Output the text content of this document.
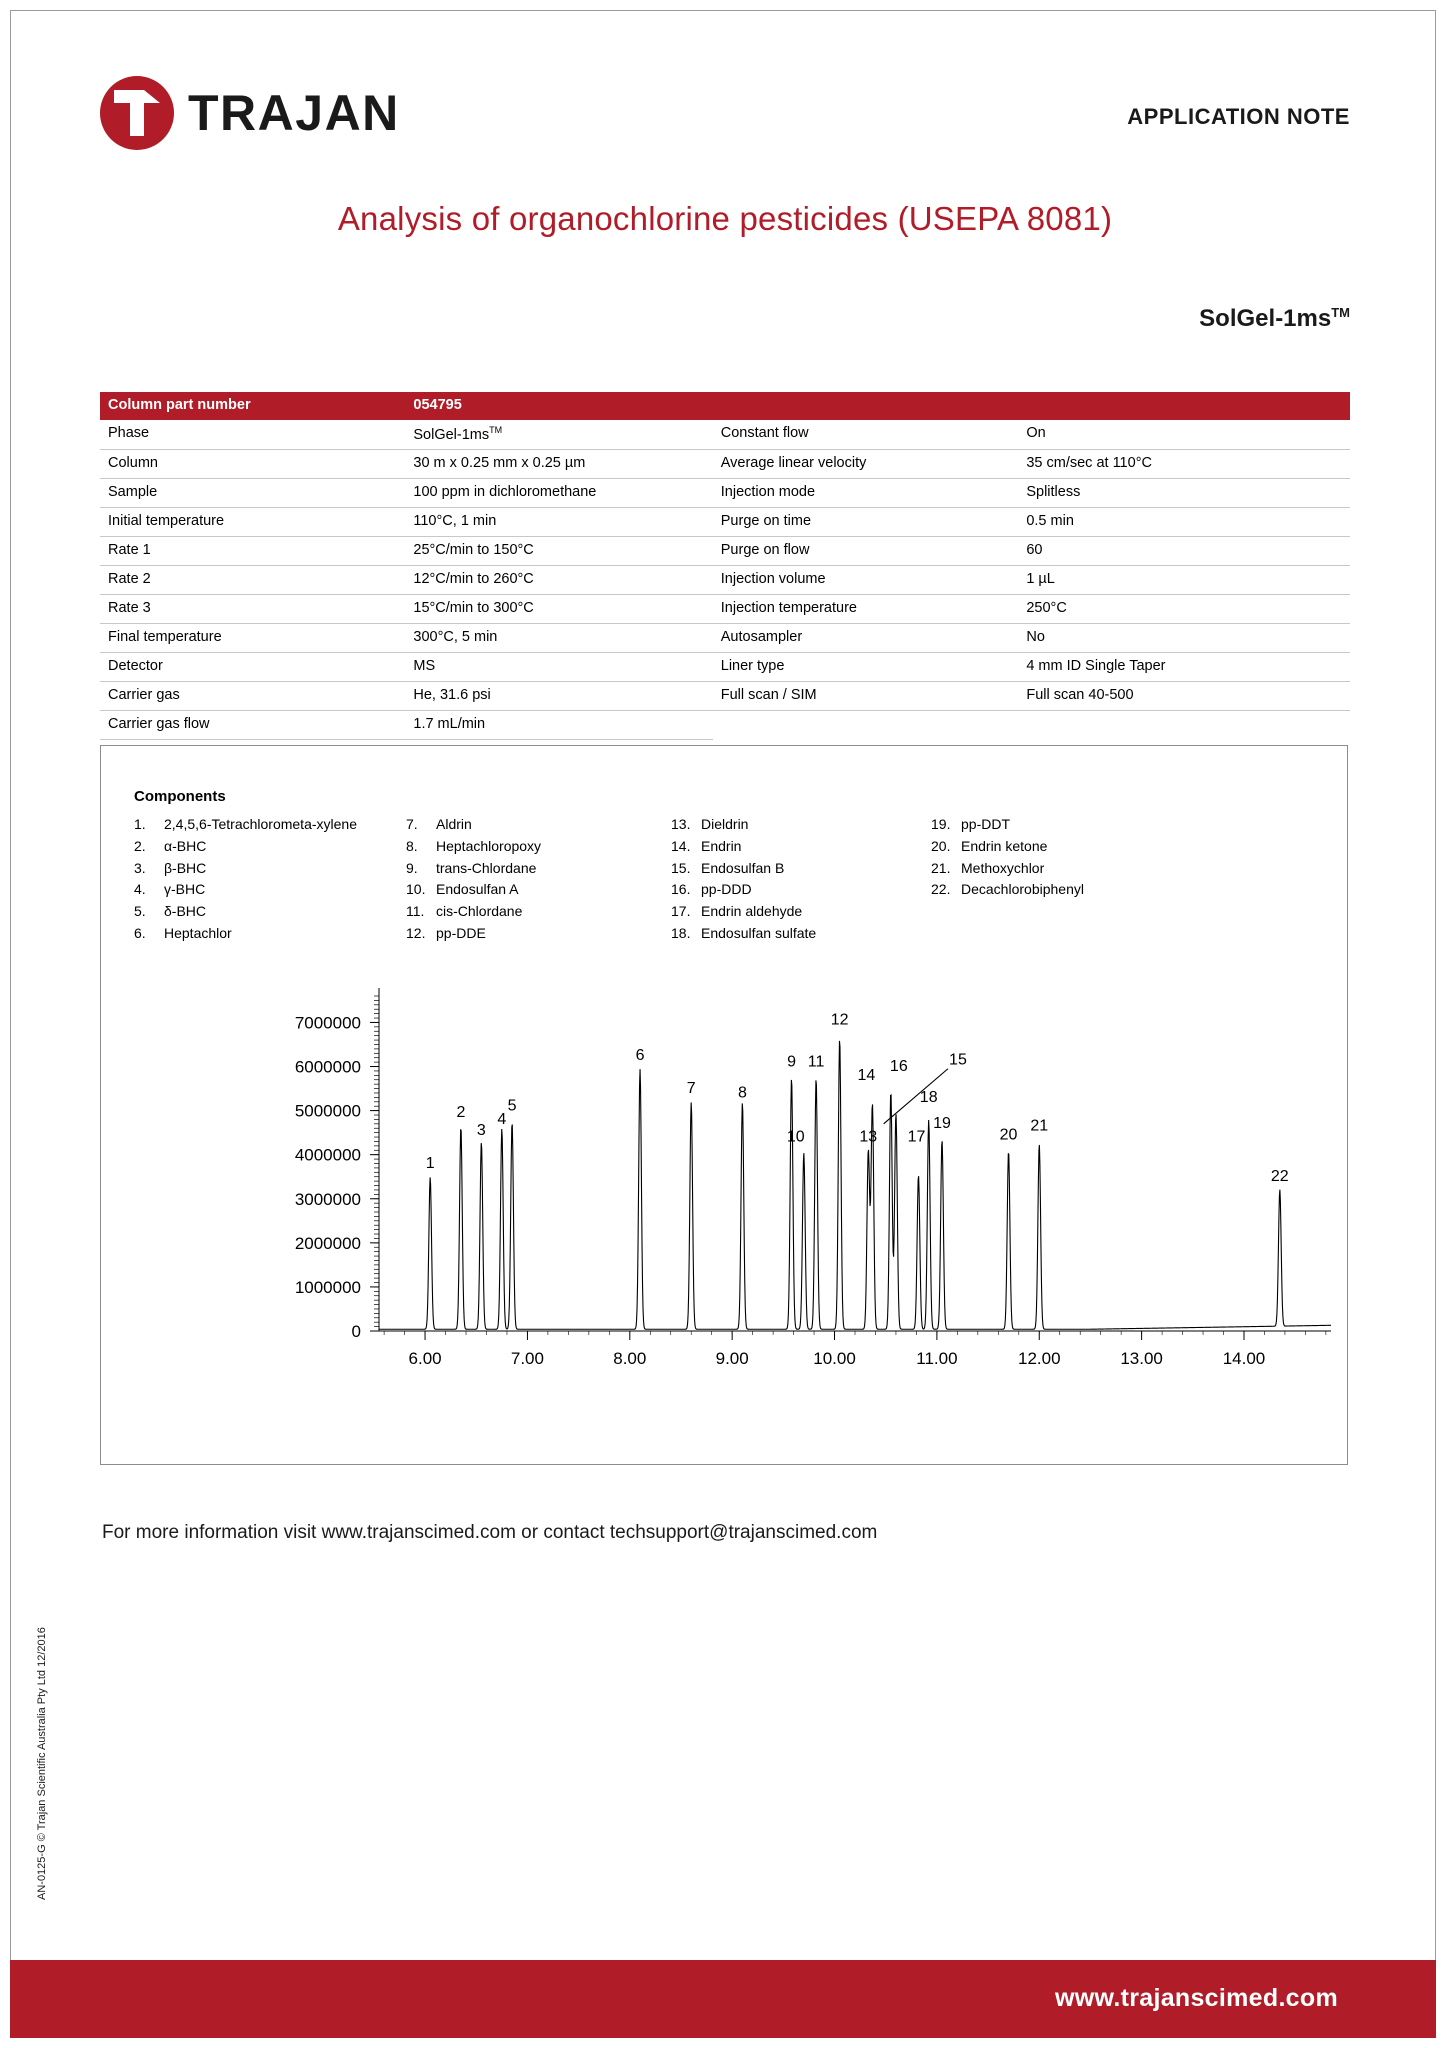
TRAJAN	APPLICATION NOTE
Analysis of organochlorine pesticides (USEPA 8081)
SolGel-1ms™
Column part number	054795		
Phase	SolGel-1ms™	Constant flow	On
Column	30 m x 0.25 mm x 0.25 µm	Average linear velocity	35 cm/sec at 110°C
Sample	100 ppm in dichloromethane	Injection mode	Splitless
Initial temperature	110°C, 1 min	Purge on time	0.5 min
Rate 1	25°C/min to 150°C	Purge on flow	60
Rate 2	12°C/min to 260°C	Injection volume	1 µL
Rate 3	15°C/min to 300°C	Injection temperature	250°C
Final temperature	300°C, 5 min	Autosampler	No
Detector	MS	Liner type	4 mm ID Single Taper
Carrier gas	He, 31.6 psi	Full scan / SIM	Full scan 40-500
Carrier gas flow	1.7 mL/min		
Components
1. 2,4,5,6-Tetrachlorometa-xylene
2. α-BHC
3. β-BHC
4. γ-BHC
5. δ-BHC
6. Heptachlor
7. Aldrin
8. Heptachloropoxy
9. trans-Chlordane
10. Endosulfan A
11. cis-Chlordane
12. pp-DDE
13. Dieldrin
14. Endrin
15. Endosulfan B
16. pp-DDD
17. Endrin aldehyde
18. Endosulfan sulfate
19. pp-DDT
20. Endrin ketone
21. Methoxychlor
22. Decachlorobiphenyl
0
1000000
2000000
3000000
4000000
5000000
6000000
7000000
6.00	7.00	8.00	9.00	10.00	11.00	12.00	13.00	14.00
1
2
3
4
5
6
7	8
9
10
11
12
13
14
15
16
17
18
19
20
21
22
For more information visit www.trajanscimed.com or contact techsupport@trajanscimed.com
AN-0125-G © Trajan Scientific Australia Pty Ltd 12/2016
www.trajanscimed.com
